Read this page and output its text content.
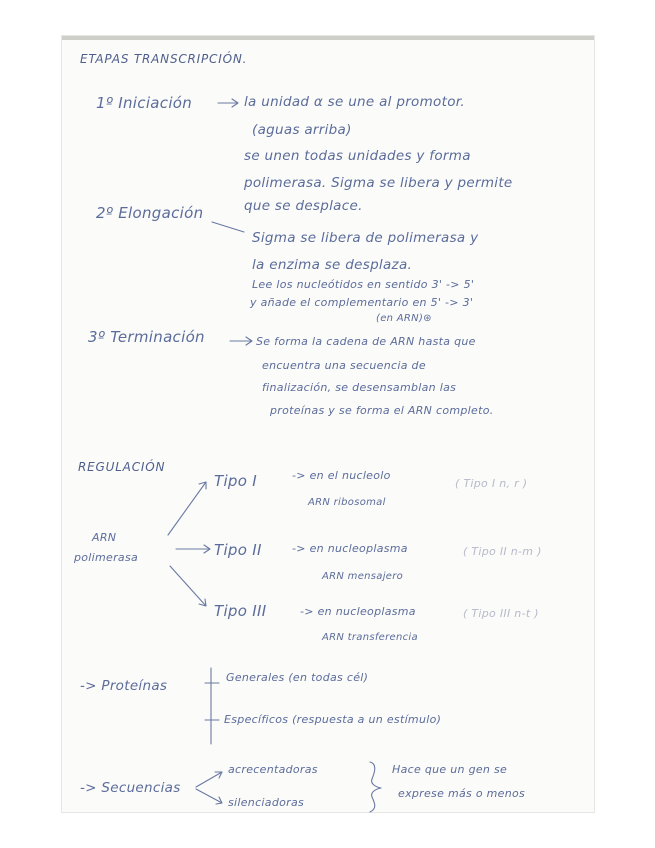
ETAPAS TRANSCRIPCIÓN.
1º Iniciación	la unidad α se une al promotor.
(aguas arriba)
se unen todas unidades y forma
polimerasa. Sigma se libera y permite
que se desplace.
2º Elongación
Sigma se libera de polimerasa y
la enzima se desplaza.
Lee los nucleótidos en sentido 3' -> 5'
y añade el complementario en 5' -> 3'
(en ARN)⊛
3º Terminación	Se forma la cadena de ARN hasta que
encuentra una secuencia de
finalización, se desensamblan las
proteínas y se forma el ARN completo.
REGULACIÓN
ARN
polimerasa
Tipo I	-> en el nucleolo
ARN ribosomal
( Tipo I n, r )
Tipo II	-> en nucleoplasma
ARN mensajero
( Tipo II n-m )
Tipo III	-> en nucleoplasma
ARN transferencia
( Tipo III n-t )
-> Proteínas
Generales (en todas cél)
Específicos (respuesta a un estímulo)
-> Secuencias
acrecentadoras
silenciadoras
Hace que un gen se
exprese más o menos
